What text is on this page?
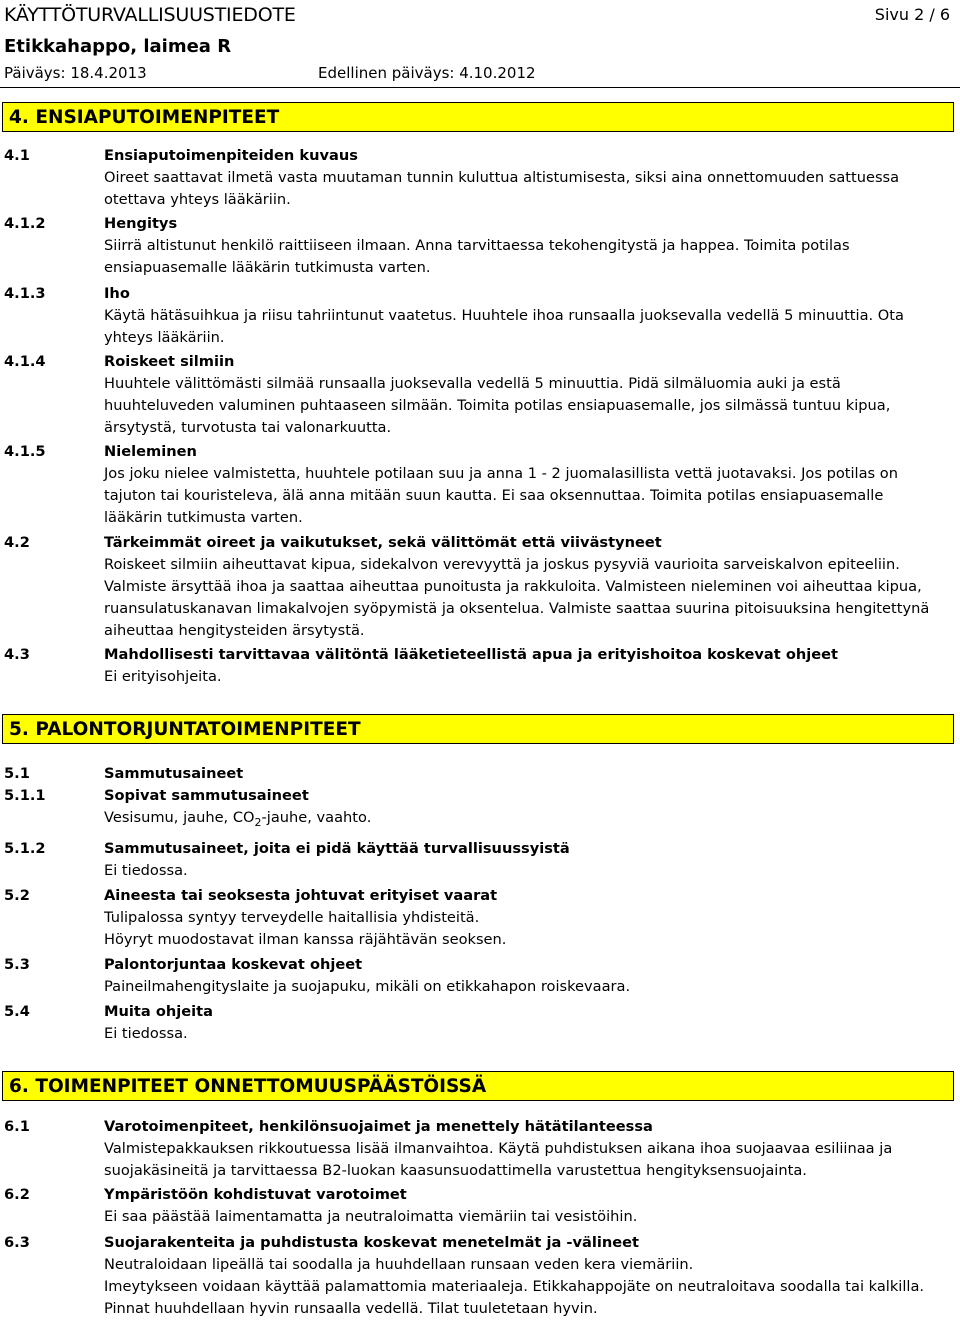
KÄYTTÖTURVALLISUUSTIEDOTE	Sivu 2 / 6
Etikkahappo, laimea R
Päiväys: 18.4.2013	Edellinen päiväys: 4.10.2012
4. ENSIAPUTOIMENPITEET
4.1	Ensiaputoimenpiteiden kuvaus
Oireet saattavat ilmetä vasta muutaman tunnin kuluttua altistumisesta, siksi aina onnettomuuden sattuessa otettava yhteys lääkäriin.
4.1.2	Hengitys
Siirrä altistunut henkilö raittiiseen ilmaan. Anna tarvittaessa tekohengitystä ja happea. Toimita potilas ensiapuasemalle lääkärin tutkimusta varten.
4.1.3	Iho
Käytä hätäsuihkua ja riisu tahriintunut vaatetus. Huuhtele ihoa runsaalla juoksevalla vedellä 5 minuuttia. Ota yhteys lääkäriin.
4.1.4	Roiskeet silmiin
Huuhtele välittömästi silmää runsaalla juoksevalla vedellä 5 minuuttia. Pidä silmäluomia auki ja estä huuhteluveden valuminen puhtaaseen silmään. Toimita potilas ensiapuasemalle, jos silmässä tuntuu kipua, ärsytystä, turvotusta tai valonarkuutta.
4.1.5	Nieleminen
Jos joku nielee valmistetta, huuhtele potilaan suu ja anna 1 - 2 juomalasillista vettä juotavaksi. Jos potilas on tajuton tai kouristeleva, älä anna mitään suun kautta. Ei saa oksennuttaa. Toimita potilas ensiapuasemalle lääkärin tutkimusta varten.
4.2	Tärkeimmät oireet ja vaikutukset, sekä välittömät että viivästyneet
Roiskeet silmiin aiheuttavat kipua, sidekalvon verevyyttä ja joskus pysyviä vaurioita sarveiskalvon epiteeliin. Valmiste ärsyttää ihoa ja saattaa aiheuttaa punoitusta ja rakkuloita. Valmisteen nieleminen voi aiheuttaa kipua, ruansulatuskanavan limakalvojen syöpymistä ja oksentelua. Valmiste saattaa suurina pitoisuuksina hengitettynä aiheuttaa hengitysteiden ärsytystä.
4.3	Mahdollisesti tarvittavaa välitöntä lääketieteellistä apua ja erityishoitoa koskevat ohjeet
Ei erityisohjeita.
5. PALONTORJUNTATOIMENPITEET
5.1	Sammutusaineet
5.1.1	Sopivat sammutusaineet
Vesisumu, jauhe, $CO_2$-jauhe, vaahto.
5.1.2	Sammutusaineet, joita ei pidä käyttää turvallisuussyistä
Ei tiedossa.
5.2	Aineesta tai seoksesta johtuvat erityiset vaarat
Tulipalossa syntyy terveydelle haitallisia yhdisteitä.
Höyryt muodostavat ilman kanssa räjähtävän seoksen.
5.3	Palontorjuntaa koskevat ohjeet
Paineilmahengityslaite ja suojapuku, mikäli on etikkahapon roiskevaara.
5.4	Muita ohjeita
Ei tiedossa.
6. TOIMENPITEET ONNETTOMUUSPÄÄSTÖISSÄ
6.1	Varotoimenpiteet, henkilönsuojaimet ja menettely hätätilanteessa
Valmistepakkauksen rikkoutuessa lisää ilmanvaihtoa. Käytä puhdistuksen aikana ihoa suojaavaa esiliinaa ja suojakäsineitä ja tarvittaessa B2-luokan kaasunsuodattimella varustettua hengityksensuojainta.
6.2	Ympäristöön kohdistuvat varotoimet
Ei saa päästää laimentamatta ja neutraloimatta viemäriin tai vesistöihin.
6.3	Suojarakenteita ja puhdistusta koskevat menetelmät ja -välineet
Neutraloidaan lipeällä tai soodalla ja huuhdellaan runsaan veden kera viemäriin.
Imeytykseen voidaan käyttää palamattomia materiaaleja. Etikkahappojäte on neutraloitava soodalla tai kalkilla. Pinnat huuhdellaan hyvin runsaalla vedellä. Tilat tuuletetaan hyvin.
